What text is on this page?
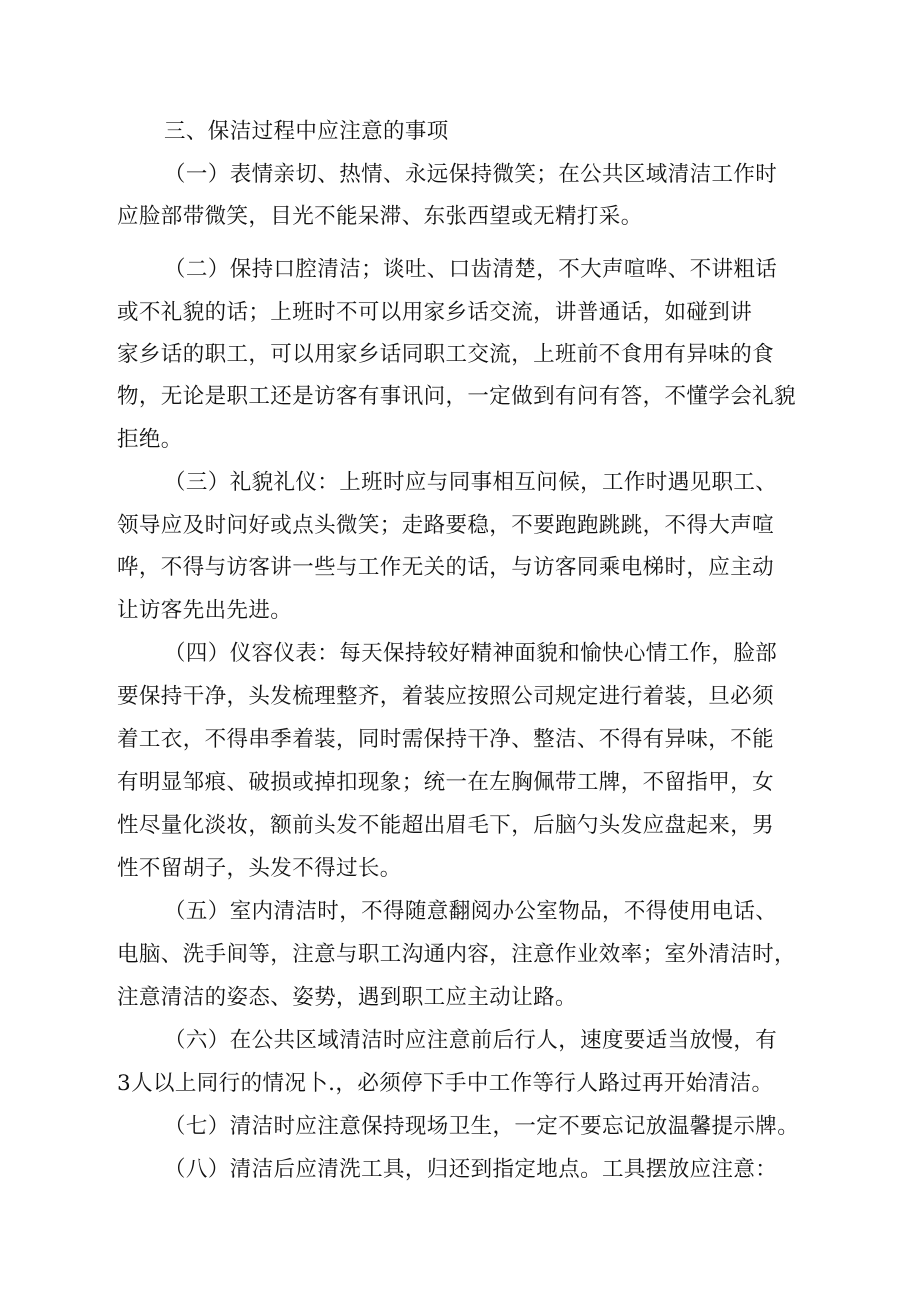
三、保洁过程中应注意的事项
（一）表情亲切、热情、永远保持微笑；在公共区域清洁工作时
应脸部带微笑，目光不能呆滞、东张西望或无精打采。
（二）保持口腔清洁；谈吐、口齿清楚，不大声喧哗、不讲粗话
或不礼貌的话；上班时不可以用家乡话交流，讲普通话，如碰到讲
家乡话的职工，可以用家乡话同职工交流，上班前不食用有异味的食
物，无论是职工还是访客有事讯问，一定做到有问有答，不懂学会礼貌
拒绝。
（三）礼貌礼仪：上班时应与同事相互问候，工作时遇见职工、
领导应及时问好或点头微笑；走路要稳，不要跑跑跳跳，不得大声喧
哗，不得与访客讲一些与工作无关的话，与访客同乘电梯时，应主动
让访客先出先进。
（四）仪容仪表：每天保持较好精神面貌和愉快心情工作，脸部
要保持干净，头发梳理整齐，着装应按照公司规定进行着装，旦必须
着工衣，不得串季着装，同时需保持干净、整洁、不得有异味，不能
有明显邹痕、破损或掉扣现象；统一在左胸佩带工牌，不留指甲，女
性尽量化淡妆，额前头发不能超出眉毛下，后脑勺头发应盘起来，男
性不留胡子，头发不得过长。
（五）室内清洁时，不得随意翻阅办公室物品，不得使用电话、
电脑、洗手间等，注意与职工沟通内容，注意作业效率；室外清洁时，
注意清洁的姿态、姿势，遇到职工应主动让路。
（六）在公共区域清洁时应注意前后行人，速度要适当放慢，有
3人以上同行的情况卜.，必须停下手中工作等行人路过再开始清洁。
（七）清洁时应注意保持现场卫生，一定不要忘记放温馨提示牌。
（八）清洁后应清洗工具，归还到指定地点。工具摆放应注意：
